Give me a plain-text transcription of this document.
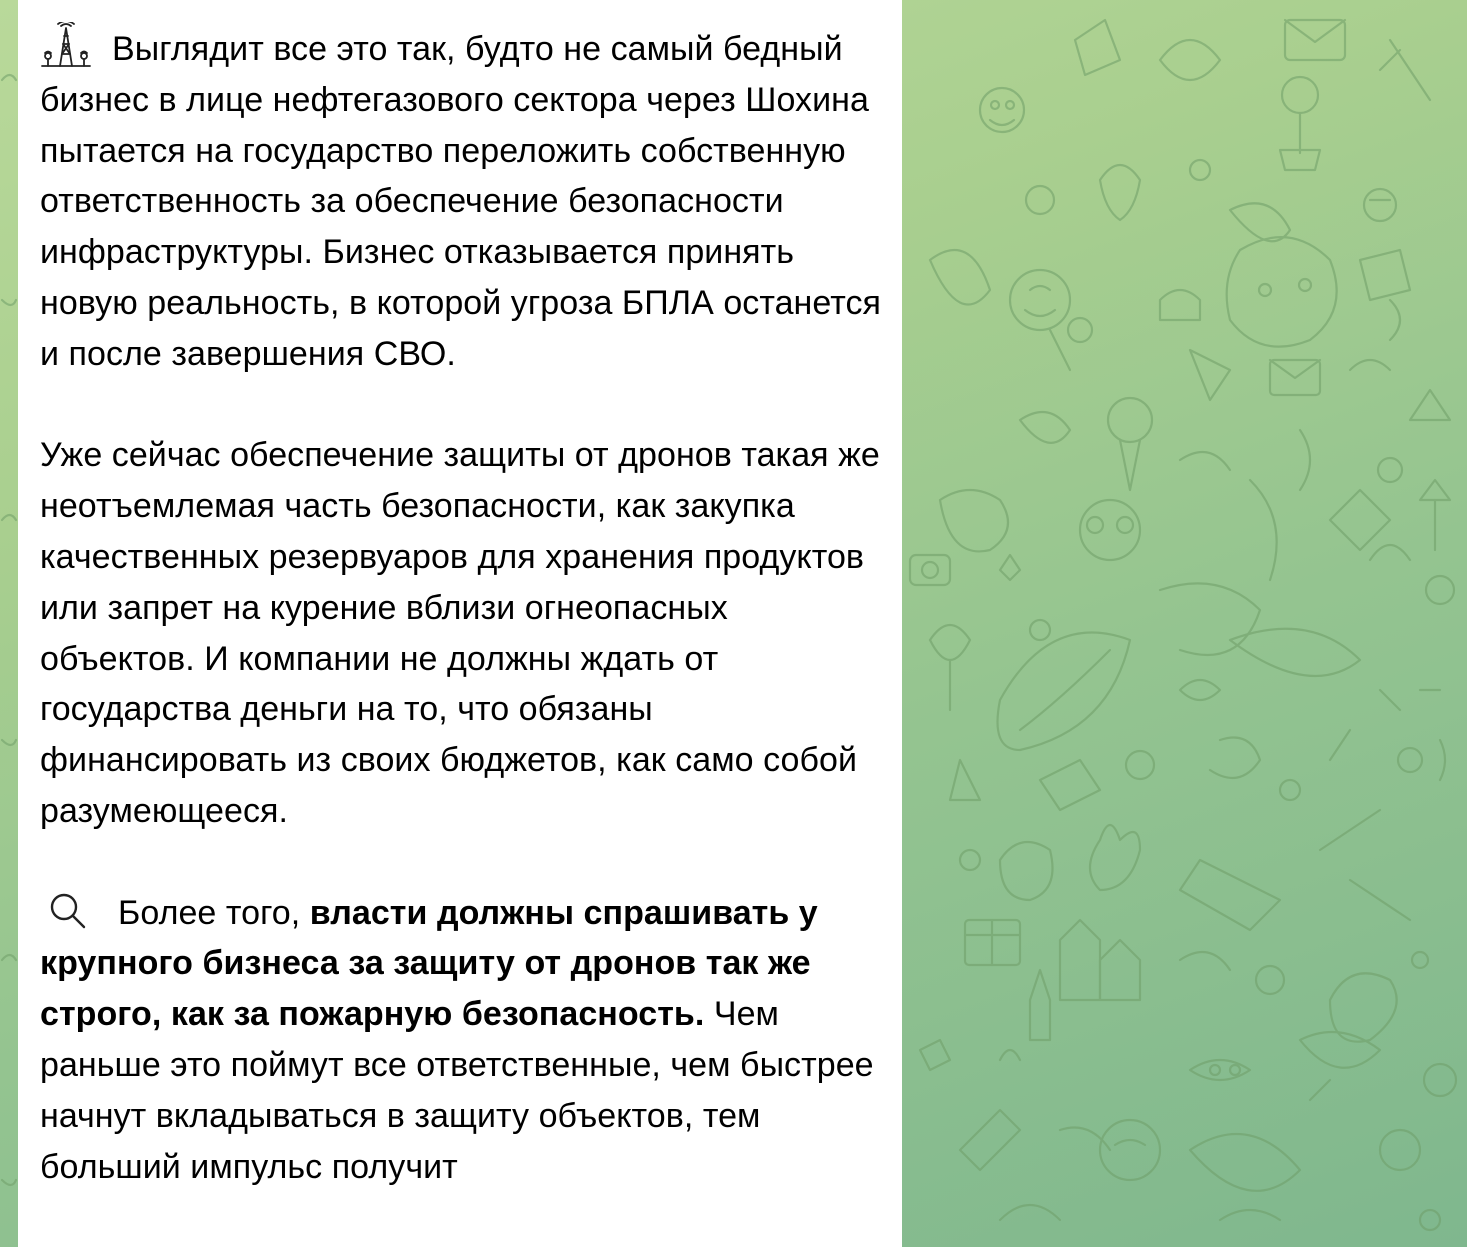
Выглядит все это так, будто не самый бедный бизнес в лице нефтегазового сектора через Шохина пытается на государство переложить собственную ответственность за обеспечение безопасности инфраструктуры. Бизнес отказывается принять новую реальность, в которой угроза БПЛА останется и после завершения СВО.

Уже сейчас обеспечение защиты от дронов такая же неотъемлемая часть безопасности, как закупка качественных резервуаров для хранения продуктов или запрет на курение вблизи огнеопасных объектов. И компании не должны ждать от государства деньги на то, что обязаны финансировать из своих бюджетов, как само собой разумеющееся.

Более того, власти должны спрашивать у крупного бизнеса за защиту от дронов так же строго, как за пожарную безопасность. Чем раньше это поймут все ответственные, чем быстрее начнут вкладываться в защиту объектов, тем больший импульс получит
